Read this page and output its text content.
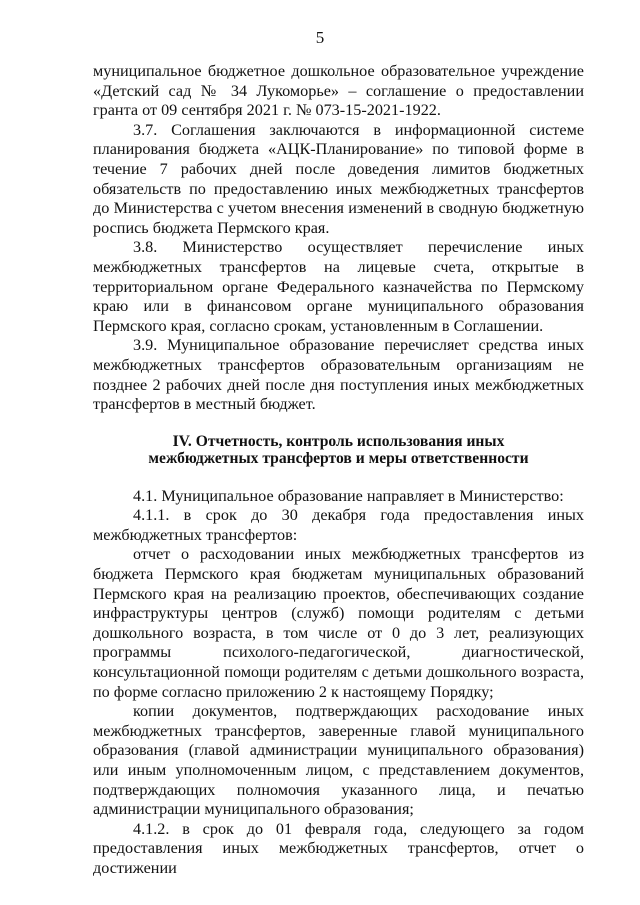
5

муниципальное бюджетное дошкольное образовательное учреждение «Детский сад № 34 Лукоморье» – соглашение о предоставлении гранта от 09 сентября 2021 г. № 073-15-2021-1922.

3.7. Соглашения заключаются в информационной системе планирования бюджета «АЦК-Планирование» по типовой форме в течение 7 рабочих дней после доведения лимитов бюджетных обязательств по предоставлению иных межбюджетных трансфертов до Министерства с учетом внесения изменений в сводную бюджетную роспись бюджета Пермского края.

3.8. Министерство осуществляет перечисление иных межбюджетных трансфертов на лицевые счета, открытые в территориальном органе Федерального казначейства по Пермскому краю или в финансовом органе муниципального образования Пермского края, согласно срокам, установленным в Соглашении.

3.9. Муниципальное образование перечисляет средства иных межбюджетных трансфертов образовательным организациям не позднее 2 рабочих дней после дня поступления иных межбюджетных трансфертов в местный бюджет.

IV. Отчетность, контроль использования иных

межбюджетных трансфертов и меры ответственности

4.1. Муниципальное образование направляет в Министерство:

4.1.1. в срок до 30 декабря года предоставления иных межбюджетных трансфертов:

отчет о расходовании иных межбюджетных трансфертов из бюджета Пермского края бюджетам муниципальных образований Пермского края на реализацию проектов, обеспечивающих создание инфраструктуры центров (служб) помощи родителям с детьми дошкольного возраста, в том числе от 0 до 3 лет, реализующих программы психолого-педагогической, диагностической, консультационной помощи родителям с детьми дошкольного возраста, по форме согласно приложению 2 к настоящему Порядку;

копии документов, подтверждающих расходование иных межбюджетных трансфертов, заверенные главой муниципального образования (главой администрации муниципального образования) или иным уполномоченным лицом, с представлением документов, подтверждающих полномочия указанного лица, и печатью администрации муниципального образования;

4.1.2. в срок до 01 февраля года, следующего за годом предоставления иных межбюджетных трансфертов, отчет о достижении
